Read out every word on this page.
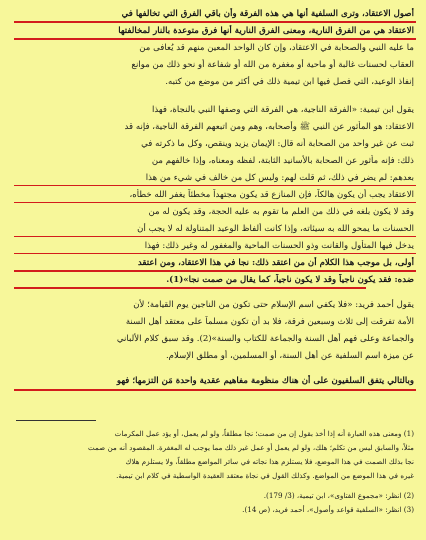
أصول الاعتقاد، وترى السلفية أنها هي هذه الفرقة وأن باقي الفرق التي تخالفها في
الاعتقاد هي من الفرق النارية، ومعنى الفرق النارية أنها فرق متوعدة بالنار لمخالفتها
ما عليه النبي والصحابة في الاعتقاد، وإن كان الواحد المعين منهم قد يُعافى من
العقاب لحسنات غالبة أو ماحية أو مغفرة من الله أو شفاعة أو نحو ذلك من موانع
إنفاذ الوعيد، التي فصل فيها ابن تيمية ذلك في أكثر من موضع من كتبه.
يقول ابن تيمية: «الفرقة الناجية، هي الفرقة التي وصفها النبي بالنجاة، فهذا
الاعتقاد: هو المأثور عن النبي ﷺ وأصحابه، وهم ومن اتبعهم الفرقة الناجية، فإنه قد
ثبت عن غير واحد من الصحابة أنه قال: الإيمان يزيد وينقص، وكل ما ذكرته في
ذلك: فإنه مأثور عن الصحابة بالأسانيد الثابتة، لفظه ومعناه، وإذا خالفهم من
بعدهم: لم يضر في ذلك، ثم قلت لهم: وليس كل من خالف في شيء من هذا
الاعتقاد يجب أن يكون هالكاً، فإن المنازع قد يكون مجتهداً مخطئاً يغفر الله خطأه،
وقد لا يكون بلغه في ذلك من العلم ما تقوم به عليه الحجة، وقد يكون له من
الحسنات ما يمحو الله به سيئاته، وإذا كانت ألفاظ الوعيد المتناولة له لا يجب أن
يدخل فيها المتأول والقانت وذو الحسنات الماحية والمغفور له وغير ذلك: فهذا
أولى، بل موجب هذا الكلام أن من اعتقد ذلك: نجا في هذا الاعتقاد، ومن اعتقد
ضده: فقد يكون ناجياً وقد لا يكون ناجياً، كما يقال من صمت نجا»(1).
يقول أحمد فريد: «فلا يكفي اسم الإسلام حتى تكون من الناجين يوم القيامة؛ لأن
الأمة تفرقت إلى ثلاث وسبعين فرقة، فلا بد أن تكون مسلماً على معتقد أهل السنة
والجماعة وعلى فهم أهل السنة والجماعة للكتاب والسنة»(2). وقد سبق كلام الألباني
عن ميزة اسم السلفية عن أهل السنة، أو المسلمين، أو مطلق الإسلام.
وبالتالي يتفق السلفيون على أن هناك منظومة مفاهيم عقدية واحدة مَن التزمها؛ فهو
(1) ومعنى هذه العبارة أنه إذا أخذ بقول إن من صمت؛ نجا مطلقاً، ولو لم يعمل، أو يؤد عمل المكرمات
مثلاً، والسابق ليس من تكلم؛ هلك، ولو لم يعمل أو عمل غير ذلك مما يوجب له المغفرة. المقصود أنه من صمت
نجا بذلك الصمت في هذا الموضع، فلا يستلزم هذا نجاته في سائر المواضع مطلقاً، ولا يستلزم هلاك
غيره في هذا الموضع من المواضع. وكذلك القول في نجاة معتقد العقيدة الواسطية في كلام ابن تيمية.
(2) انظر: «مجموع الفتاوى»، ابن تيمية، (3/ 179).
(3) انظر: «السلفية قواعد وأصول»، أحمد فريد، (ص 14).
